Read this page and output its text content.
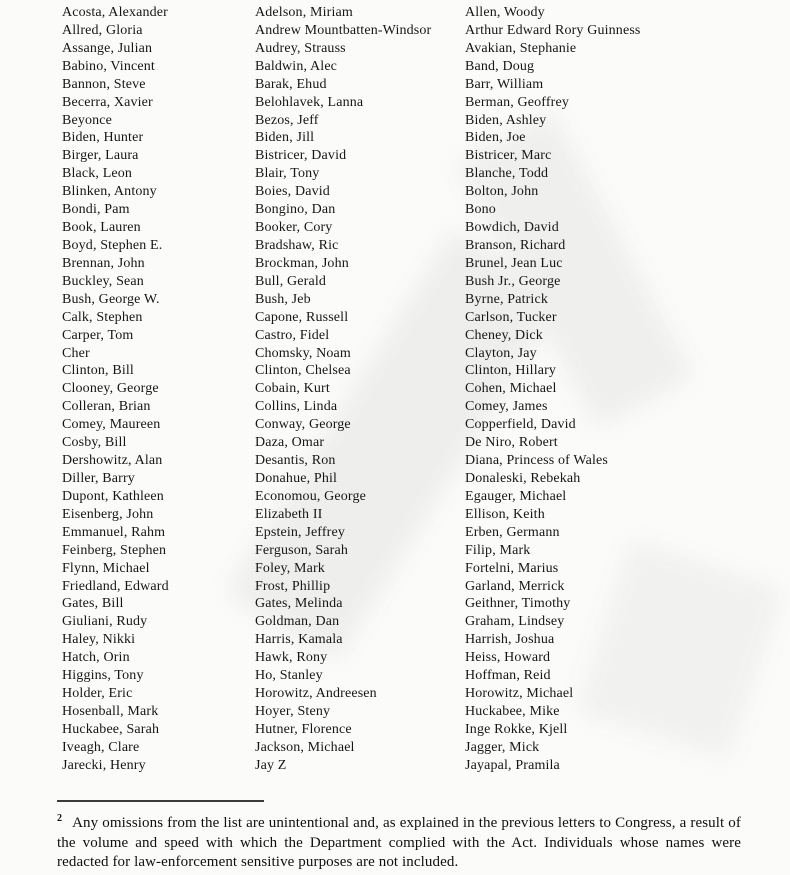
Acosta, Alexander
Allred, Gloria
Assange, Julian
Babino, Vincent
Bannon, Steve
Becerra, Xavier
Beyonce
Biden, Hunter
Birger, Laura
Black, Leon
Blinken, Antony
Bondi, Pam
Book, Lauren
Boyd, Stephen E.
Brennan, John
Buckley, Sean
Bush, George W.
Calk, Stephen
Carper, Tom
Cher
Clinton, Bill
Clooney, George
Colleran, Brian
Comey, Maureen
Cosby, Bill
Dershowitz, Alan
Diller, Barry
Dupont, Kathleen
Eisenberg, John
Emmanuel, Rahm
Feinberg, Stephen
Flynn, Michael
Friedland, Edward
Gates, Bill
Giuliani, Rudy
Haley, Nikki
Hatch, Orin
Higgins, Tony
Holder, Eric
Hosenball, Mark
Huckabee, Sarah
Iveagh, Clare
Jarecki, Henry
Adelson, Miriam
Andrew Mountbatten-Windsor
Audrey, Strauss
Baldwin, Alec
Barak, Ehud
Belohlavek, Lanna
Bezos, Jeff
Biden, Jill
Bistricer, David
Blair, Tony
Boies, David
Bongino, Dan
Booker, Cory
Bradshaw, Ric
Brockman, John
Bull, Gerald
Bush, Jeb
Capone, Russell
Castro, Fidel
Chomsky, Noam
Clinton, Chelsea
Cobain, Kurt
Collins, Linda
Conway, George
Daza, Omar
Desantis, Ron
Donahue, Phil
Economou, George
Elizabeth II
Epstein, Jeffrey
Ferguson, Sarah
Foley, Mark
Frost, Phillip
Gates, Melinda
Goldman, Dan
Harris, Kamala
Hawk, Rony
Ho, Stanley
Horowitz, Andreesen
Hoyer, Steny
Hutner, Florence
Jackson, Michael
Jay Z
Allen, Woody
Arthur Edward Rory Guinness
Avakian, Stephanie
Band, Doug
Barr, William
Berman, Geoffrey
Biden, Ashley
Biden, Joe
Bistricer, Marc
Blanche, Todd
Bolton, John
Bono
Bowdich, David
Branson, Richard
Brunel, Jean Luc
Bush Jr., George
Byrne, Patrick
Carlson, Tucker
Cheney, Dick
Clayton, Jay
Clinton, Hillary
Cohen, Michael
Comey, James
Copperfield, David
De Niro, Robert
Diana, Princess of Wales
Donaleski, Rebekah
Egauger, Michael
Ellison, Keith
Erben, Germann
Filip, Mark
Fortelni, Marius
Garland, Merrick
Geithner, Timothy
Graham, Lindsey
Harrish, Joshua
Heiss, Howard
Hoffman, Reid
Horowitz, Michael
Huckabee, Mike
Inge Rokke, Kjell
Jagger, Mick
Jayapal, Pramila
$^2$ Any omissions from the list are unintentional and, as explained in the previous letters to Congress, a result of the volume and speed with which the Department complied with the Act. Individuals whose names were redacted for law-enforcement sensitive purposes are not included.
